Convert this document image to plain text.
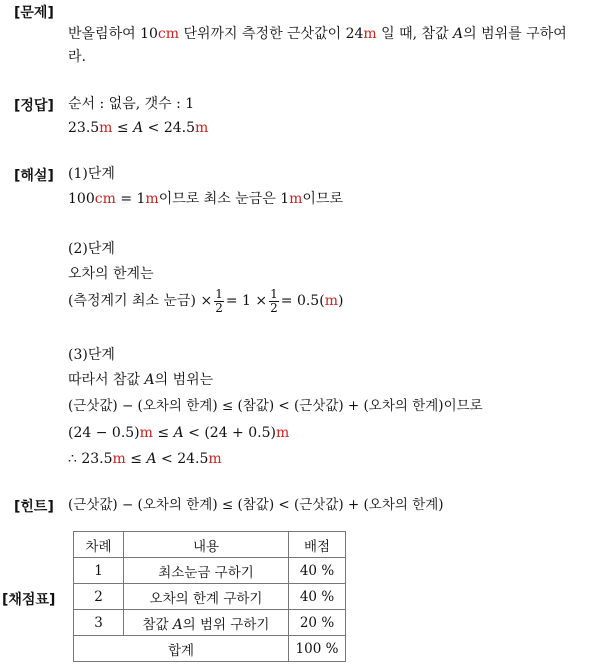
[문제]
반올림하여 10cm 단위까지 측정한 근삿값이 24m 일 때, 참값 A의 범위를 구하여
라.
[정답] 순서 : 없음, 갯수 : 1
23.5m ≤ A < 24.5m
[해설] (1)단계
100cm = 1m이므로 최소 눈금은 1m이므로
(2)단계
오차의 한계는
(측정계기 최소 눈금) × $\frac{1}{2} = 1 \times \frac{1}{2} = 0.5(m)$
(3)단계
따라서 참값 A의 범위는
(근삿값) − (오차의 한계) ≤ (참값) < (근삿값) + (오차의 한계)이므로
(24 − 0.5)m ≤ A < (24 + 0.5)m
∴ 23.5m ≤ A < 24.5m
[힌트] (근삿값) − (오차의 한계) ≤ (참값) < (근삿값) + (오차의 한계)
[채점표]
차례	내용	배점
1	최소눈금 구하기	40 %
2	오차의 한계 구하기	40 %
3	참값 A의 범위 구하기	20 %
합계		100 %
